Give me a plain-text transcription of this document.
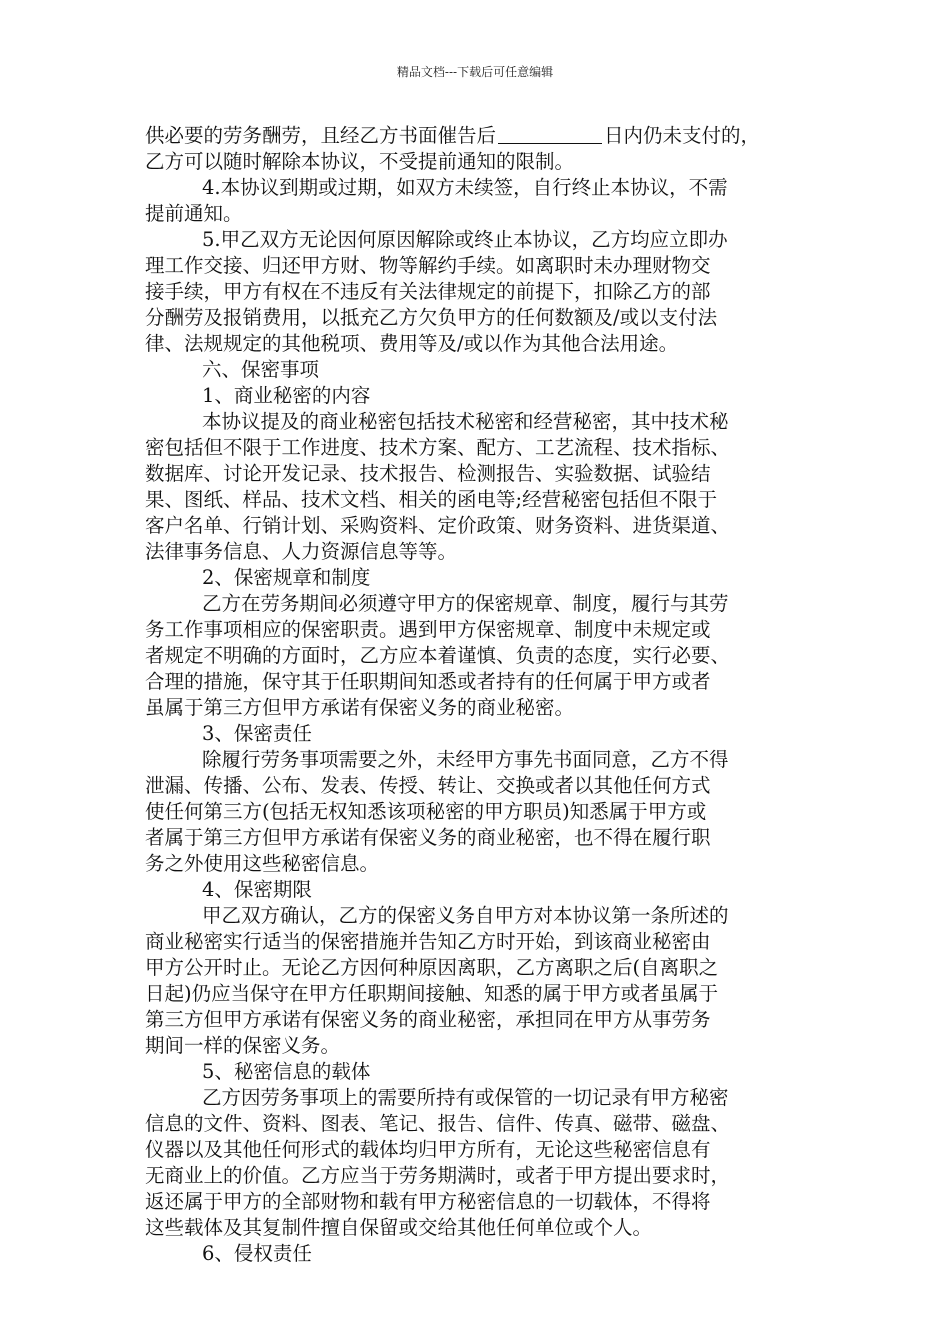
精品文档---下载后可任意编辑
供必要的劳务酬劳，且经乙方书面催告后	日内仍未支付的，
乙方可以随时解除本协议，不受提前通知的限制。
4.本协议到期或过期，如双方未续签，自行终止本协议，不需
提前通知。
5.甲乙双方无论因何原因解除或终止本协议，乙方均应立即办
理工作交接、归还甲方财、物等解约手续。如离职时未办理财物交
接手续，甲方有权在不违反有关法律规定的前提下，扣除乙方的部
分酬劳及报销费用，以抵充乙方欠负甲方的任何数额及/或以支付法
律、法规规定的其他税项、费用等及/或以作为其他合法用途。
六、保密事项
1、商业秘密的内容
本协议提及的商业秘密包括技术秘密和经营秘密，其中技术秘
密包括但不限于工作进度、技术方案、配方、工艺流程、技术指标、
数据库、讨论开发记录、技术报告、检测报告、实验数据、试验结
果、图纸、样品、技术文档、相关的函电等;经营秘密包括但不限于
客户名单、行销计划、采购资料、定价政策、财务资料、进货渠道、
法律事务信息、人力资源信息等等。
2、保密规章和制度
乙方在劳务期间必须遵守甲方的保密规章、制度，履行与其劳
务工作事项相应的保密职责。遇到甲方保密规章、制度中未规定或
者规定不明确的方面时，乙方应本着谨慎、负责的态度，实行必要、
合理的措施，保守其于任职期间知悉或者持有的任何属于甲方或者
虽属于第三方但甲方承诺有保密义务的商业秘密。
3、保密责任
除履行劳务事项需要之外，未经甲方事先书面同意，乙方不得
泄漏、传播、公布、发表、传授、转让、交换或者以其他任何方式
使任何第三方(包括无权知悉该项秘密的甲方职员)知悉属于甲方或
者属于第三方但甲方承诺有保密义务的商业秘密，也不得在履行职
务之外使用这些秘密信息。
4、保密期限
甲乙双方确认，乙方的保密义务自甲方对本协议第一条所述的
商业秘密实行适当的保密措施并告知乙方时开始，到该商业秘密由
甲方公开时止。无论乙方因何种原因离职，乙方离职之后(自离职之
日起)仍应当保守在甲方任职期间接触、知悉的属于甲方或者虽属于
第三方但甲方承诺有保密义务的商业秘密，承担同在甲方从事劳务
期间一样的保密义务。
5、秘密信息的载体
乙方因劳务事项上的需要所持有或保管的一切记录有甲方秘密
信息的文件、资料、图表、笔记、报告、信件、传真、磁带、磁盘、
仪器以及其他任何形式的载体均归甲方所有，无论这些秘密信息有
无商业上的价值。乙方应当于劳务期满时，或者于甲方提出要求时，
返还属于甲方的全部财物和载有甲方秘密信息的一切载体，不得将
这些载体及其复制件擅自保留或交给其他任何单位或个人。
6、侵权责任
